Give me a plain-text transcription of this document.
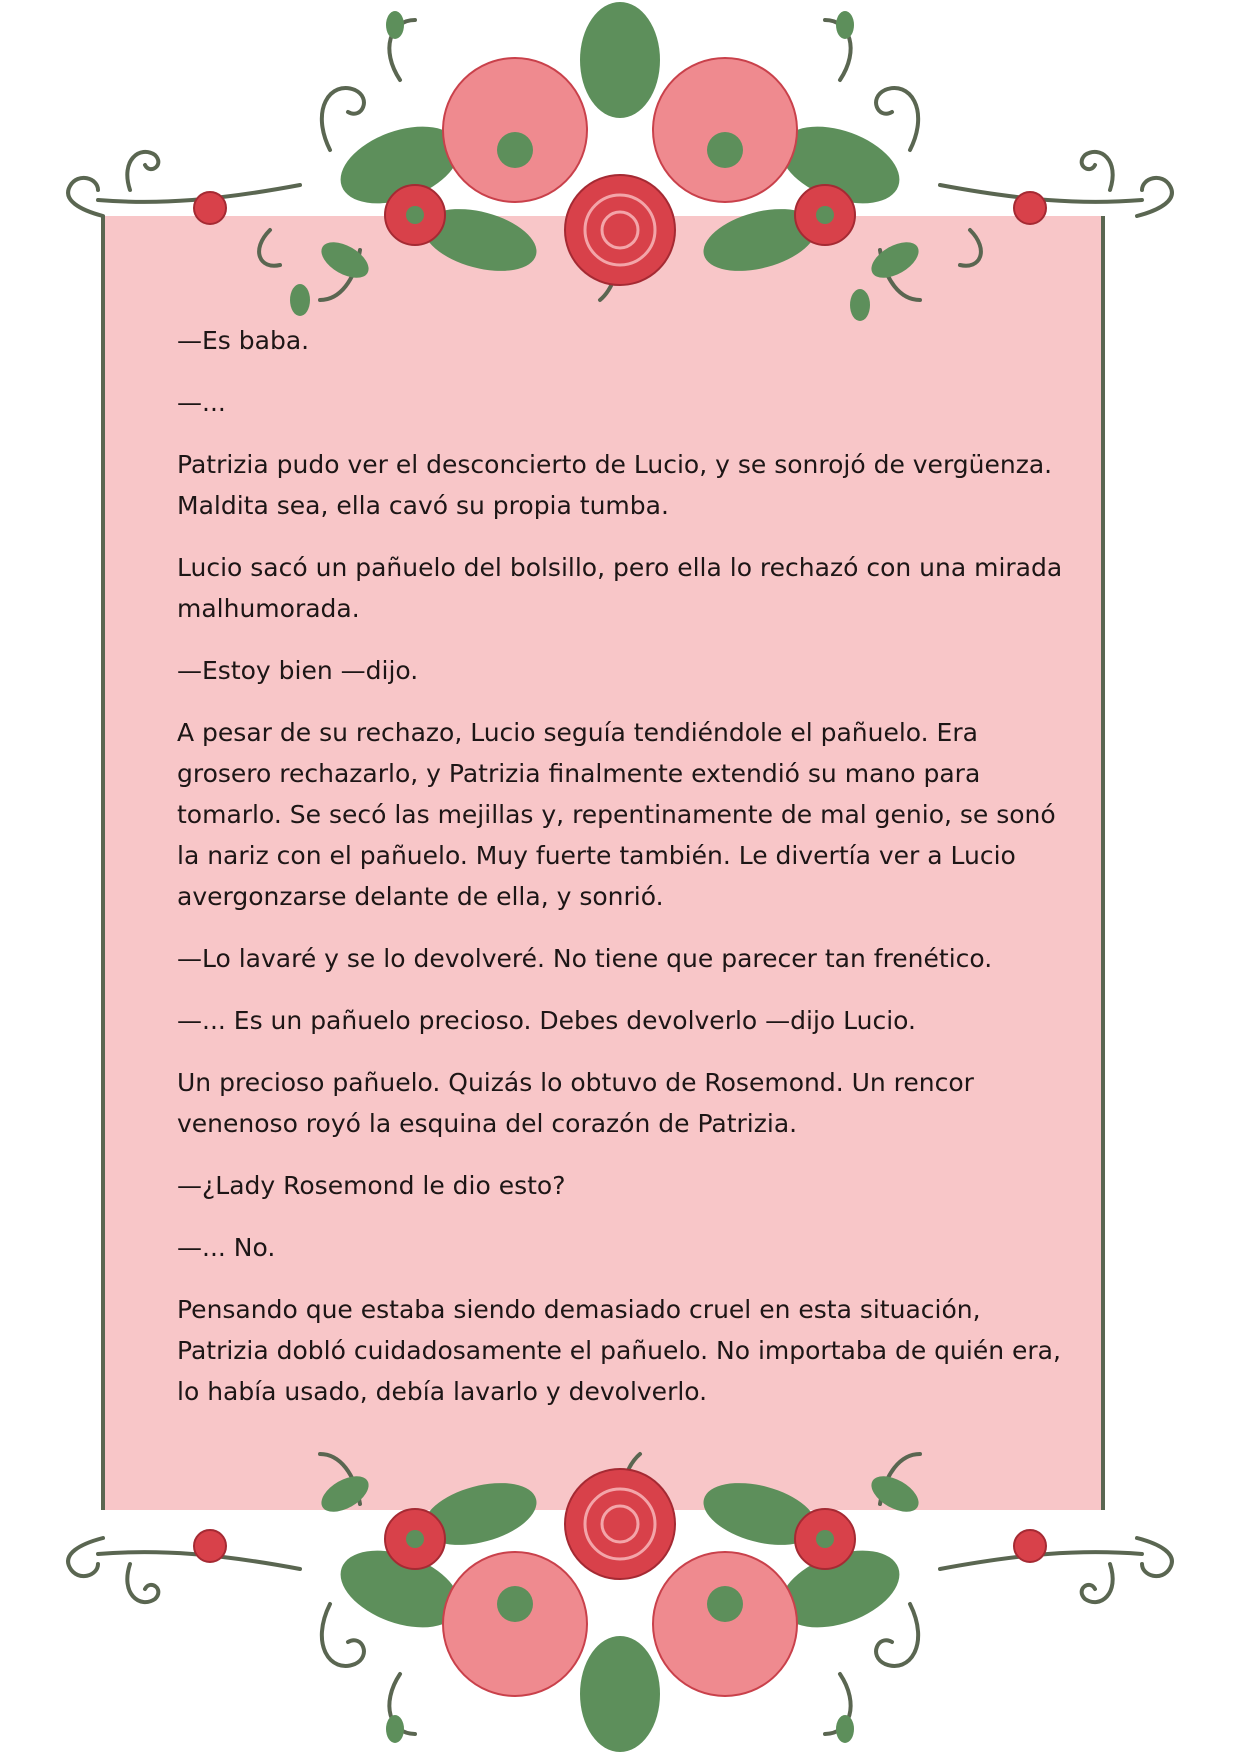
—Es baba.

—...

Patrizia pudo ver el desconcierto de Lucio, y se sonrojó de vergüenza. Maldita sea, ella cavó su propia tumba.

Lucio sacó un pañuelo del bolsillo, pero ella lo rechazó con una mirada malhumorada.

—Estoy bien —dijo.

A pesar de su rechazo, Lucio seguía tendiéndole el pañuelo. Era grosero rechazarlo, y Patrizia finalmente extendió su mano para tomarlo. Se secó las mejillas y, repentinamente de mal genio, se sonó la nariz con el pañuelo. Muy fuerte también. Le divertía ver a Lucio avergonzarse delante de ella, y sonrió.

—Lo lavaré y se lo devolveré. No tiene que parecer tan frenético.

—... Es un pañuelo precioso. Debes devolverlo —dijo Lucio.

Un precioso pañuelo. Quizás lo obtuvo de Rosemond. Un rencor venenoso royó la esquina del corazón de Patrizia.

—¿Lady Rosemond le dio esto?

—... No.

Pensando que estaba siendo demasiado cruel en esta situación, Patrizia dobló cuidadosamente el pañuelo. No importaba de quién era, lo había usado, debía lavarlo y devolverlo.
